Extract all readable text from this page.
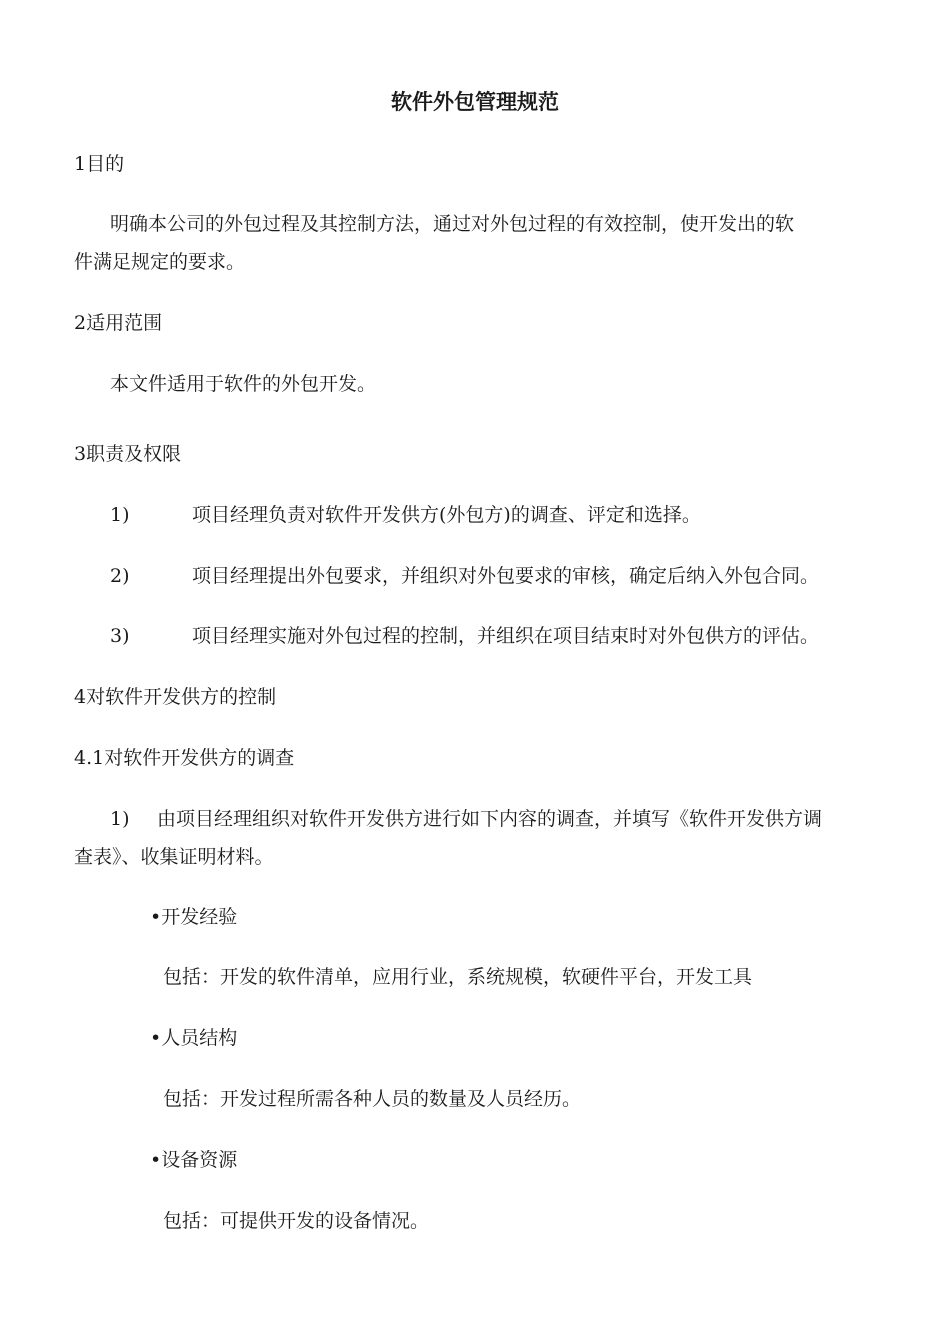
软件外包管理规范
1目的
明确本公司的外包过程及其控制方法，通过对外包过程的有效控制，使开发出的软
件满足规定的要求。
2适用范围
本文件适用于软件的外包开发。
3职责及权限
1)	项目经理负责对软件开发供方(外包方)的调查、评定和选择。
2)	项目经理提出外包要求，并组织对外包要求的审核，确定后纳入外包合同。
3)	项目经理实施对外包过程的控制，并组织在项目结束时对外包供方的评估。
4对软件开发供方的控制
4.1对软件开发供方的调查
1) 由项目经理组织对软件开发供方进行如下内容的调查，并填写《软件开发供方调
查表》、收集证明材料。
•开发经验
包括：开发的软件清单，应用行业，系统规模，软硬件平台，开发工具
•人员结构
包括：开发过程所需各种人员的数量及人员经历。
•设备资源
包括：可提供开发的设备情况。
